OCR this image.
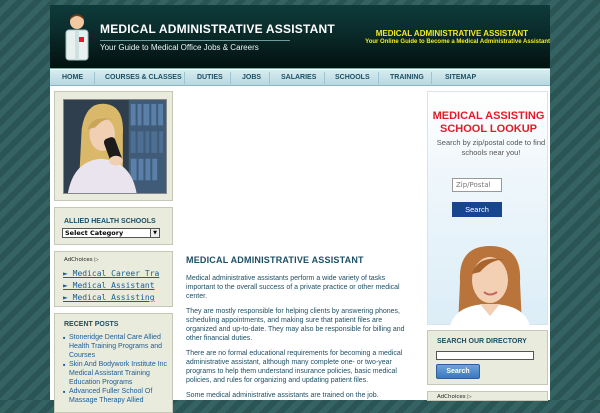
MEDICAL ADMINISTRATIVE ASSISTANT
Your Guide to Medical Office Jobs & Careers
MEDICAL ADMINISTRATIVE ASSISTANT
Your Online Guide to Become a Medical Administrative Assistant
HOME	COURSES & CLASSES DUTIES	JOBS	SALARIES	SCHOOLS	TRAINING	SITEMAP
ALLIED HEALTH SCHOOLS
Select Category	▼
AdChoices ▷
► Medical Career Tra
► Medical Assistant
► Medical Assisting
RECENT POSTS
■ Stoneridge Dental Care Allied Health Training Programs and Courses
■ Skin And Bodywork Institute Inc Medical Assistant Training Education Programs
■ Advanced Fuller School Of Massage Therapy Allied
MEDICAL ADMINISTRATIVE ASSISTANT

Medical administrative assistants perform a wide variety of tasks important to the overall success of a private practice or other medical center.

They are mostly responsible for helping clients by answering phones, scheduling appointments, and making sure that patient files are organized and up-to-date. They may also be responsible for billing and other financial duties.

There are no formal educational requirements for becoming a medical administrative assistant, although many complete one- or two-year programs to help them understand insurance policies, basic medical policies, and rules for organizing and updating patient files.

Some medical administrative assistants are trained on the job.

MEDICAL ASSISTING
SCHOOL LOOKUP
Search by zip/postal code to find schools near you!
Zip/Postal
Search
SEARCH OUR DIRECTORY
Search
AdChoices ▷
